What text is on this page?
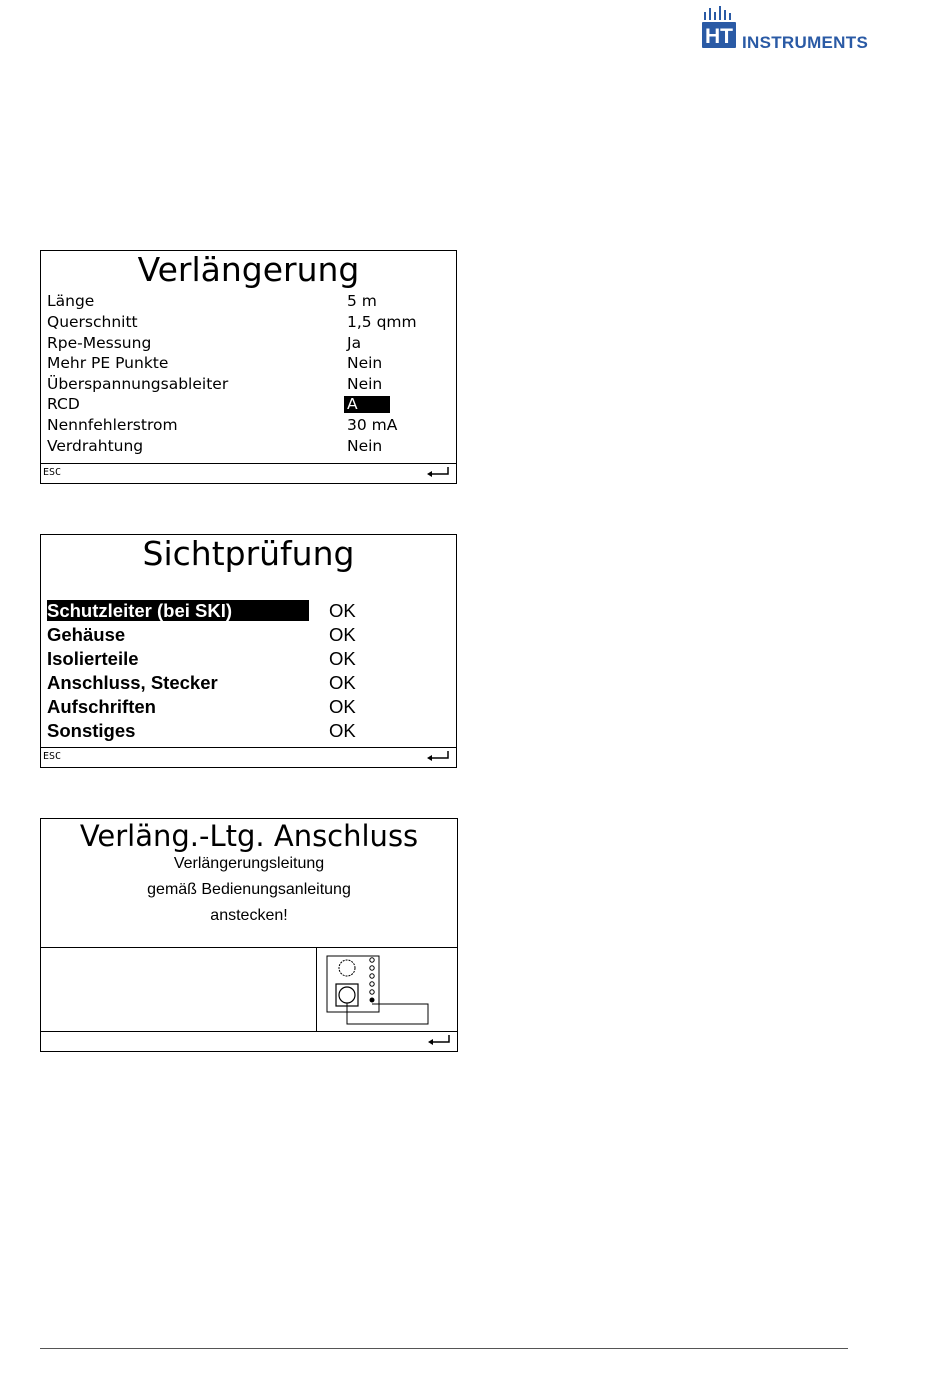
HT INSTRUMENTS
Verlängerung
Länge	5 m
Querschnitt	1,5 qmm
Rpe-Messung	Ja
Mehr PE Punkte	Nein
Überspannungsableiter	Nein
RCD	A
Nennfehlerstrom	30 mA
Verdrahtung	Nein
ESC
Sichtprüfung
Schutzleiter (bei SKI)	OK
Gehäuse	OK
Isolierteile	OK
Anschluss, Stecker	OK
Aufschriften	OK
Sonstiges	OK
ESC
Verläng.-Ltg. Anschluss
Verlängerungsleitung
gemäß Bedienungsanleitung
anstecken!
